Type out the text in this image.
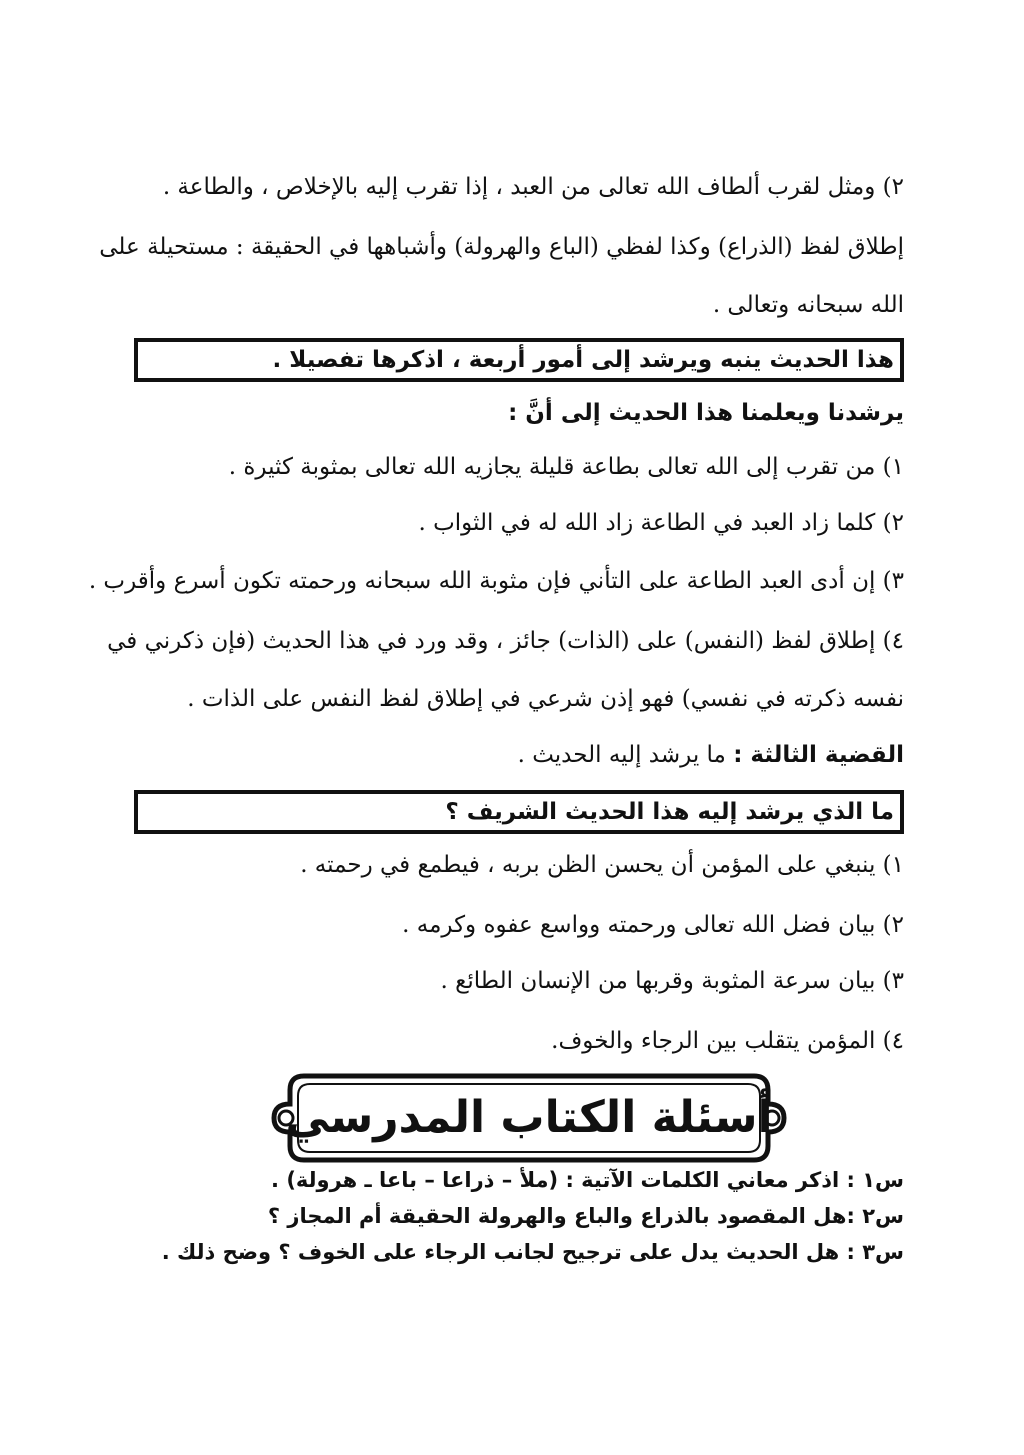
٢) ومثل لقرب ألطاف الله تعالى من العبد ، إذا تقرب إليه بالإخلاص ، والطاعة .
إطلاق لفظ (الذراع) وكذا لفظي (الباع والهرولة) وأشباهها في الحقيقة : مستحيلة على
الله سبحانه وتعالى .
هذا الحديث ينبه ويرشد إلى أمور أربعة ، اذكرها تفصيلا .
يرشدنا ويعلمنا هذا الحديث إلى أنَّ :
١) من تقرب إلى الله تعالى بطاعة قليلة يجازيه الله تعالى بمثوبة كثيرة .
٢) كلما زاد العبد في الطاعة زاد الله له في الثواب .
٣) إن أدى العبد الطاعة على التأني فإن مثوبة الله سبحانه ورحمته تكون أسرع وأقرب .
٤) إطلاق لفظ (النفس) على (الذات) جائز ، وقد ورد في هذا الحديث (فإن ذكرني في
نفسه ذكرته في نفسي) فهو إذن شرعي في إطلاق لفظ النفس على الذات .
القضية الثالثة : ما يرشد إليه الحديث .
ما الذي يرشد إليه هذا الحديث الشريف ؟
١) ينبغي على المؤمن أن يحسن الظن بربه ، فيطمع في رحمته .
٢) بيان فضل الله تعالى ورحمته وواسع عفوه وكرمه .
٣) بيان سرعة المثوبة وقربها من الإنسان الطائع .
٤) المؤمن يتقلب بين الرجاء والخوف.
أسئلة الكتاب المدرسي
س١ : اذكر معاني الكلمات الآتية : (ملأ – ذراعا – باعا ـ هرولة) .
س٢ :هل المقصود بالذراع والباع والهرولة الحقيقة أم المجاز ؟
س٣ : هل الحديث يدل على ترجيح لجانب الرجاء على الخوف ؟ وضح ذلك .
